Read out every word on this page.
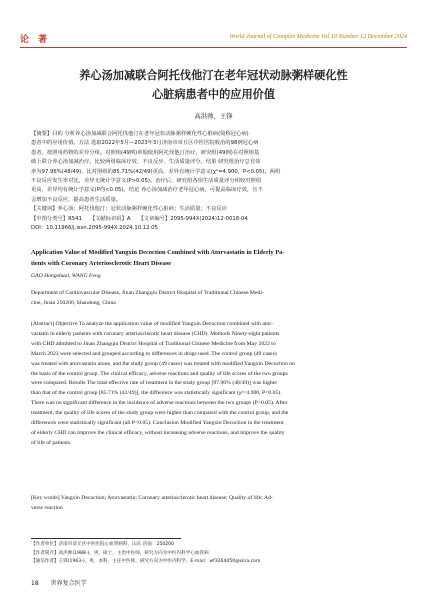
论　著	World Journal of Complex Medicine Vol.10 Number 12 December 2024
养心汤加减联合阿托伐他汀在老年冠状动脉粥样硬化性
心脏病患者中的应用价值
高洪帅，王锋

【摘要】目的 分析养心汤加减联合阿托伐他汀在老年冠状动脉粥样硬化性心脏病(简称冠心病)

患者中的应用价值。方法 选取2022年5月—2023年3月济南市章丘区中医医院收治的98例冠心病

患者，按照用药物的差异分组。对照组(49例)单独使用阿托伐他汀治疗，研究组(49例)在对照组基

础上联合养心汤加减治疗。比较两组临床疗效、不良反应、生活质量评分。结果 研究组治疗总有效

率为97.96%(48/49)，比对照组的85.71%(42/49)更高，差异有统计学意义(χ²=4.900，P<0.05)。两组

不良反应发生率对比，差异无统计学意义(P>0.05)。治疗后，研究组各项生活质量评分相较对照组

更高，差异均有统计学意义(P均<0.05)。结论 养心汤加减治疗老年冠心病，可提高临床疗效，且不

会增加不良反应，提高患者生活质量。

【关键词】养心汤；阿托伐他汀；冠状动脉粥样硬化性心脏病；生活质量；不良反应

【中图分类号】R541　　【文献标识码】A　　【文章编号】2095-994X(2024)12-0018-04

DOI：10.11966/j.issn.2095-994X.2024.10.12.05

Application Value of Modified Yangxin Decoction Combined with Atorvastatin in Elderly Pa-

tients with Coronary Arteriosclerotic Heart Disease

GAO Hongshuai, WANG Feng

Department of Cardiovascular Disease, Jinan Zhangqiu District Hospital of Traditional Chinese Medi-

cine, Jinan 250200, Shandong, China

[Abstract] Objective To analyze the application value of modified Yangxin Decoction combined with ator-

vastatin in elderly patients with coronary arteriosclerotic heart disease (CHD). Methods Ninety-eight patients

with CHD admitted to Jinan Zhangqiu District Hospital of Traditional Chinese Medicine from May 2022 to

March 2023 were selected and grouped according to differences in drugs used. The control group (49 cases)

was treated with atorvastatin alone, and the study group (49 cases) was treated with modified Yangxin Decoction on

the basis of the control group. The clinical efficacy, adverse reactions and quality of life scores of the two groups

were compared. Results The total effective rate of treatment in the study group [97.96% (48/49)] was higher

than that of the control group [85.71% (42/49)], the difference was statistically significant (χ²=4.900, P<0.05).

There was no significant difference in the incidence of adverse reactions between the two groups (P>0.05). After

treatment, the quality of life scores of the study group were higher than compared with the control group, and the

differences were statistically significant (all P<0.05). Conclusion Modified Yangxin Decoction in the treatment

of elderly CHD can improve the clinical efficacy, without increasing adverse reactions, and improve the quality

of life of patients.

[Key words] Yangxin Decoction; Atorvastatin; Coronary arteriosclerotic heart disease; Quality of life; Ad-

verse reaction

【作者单位】济南市章丘区中医医院心血管病科，山东 济南　250200

【作者简介】高洪帅(1988-)，男，硕士，主治中医师，研究方向为中医内科学心血管病

【通信作者】王锋(1963-)，男，本科，主任中医师，研究方向为中医内科学。E-mail：wf3264450@sina.com

18 世界复合医学
